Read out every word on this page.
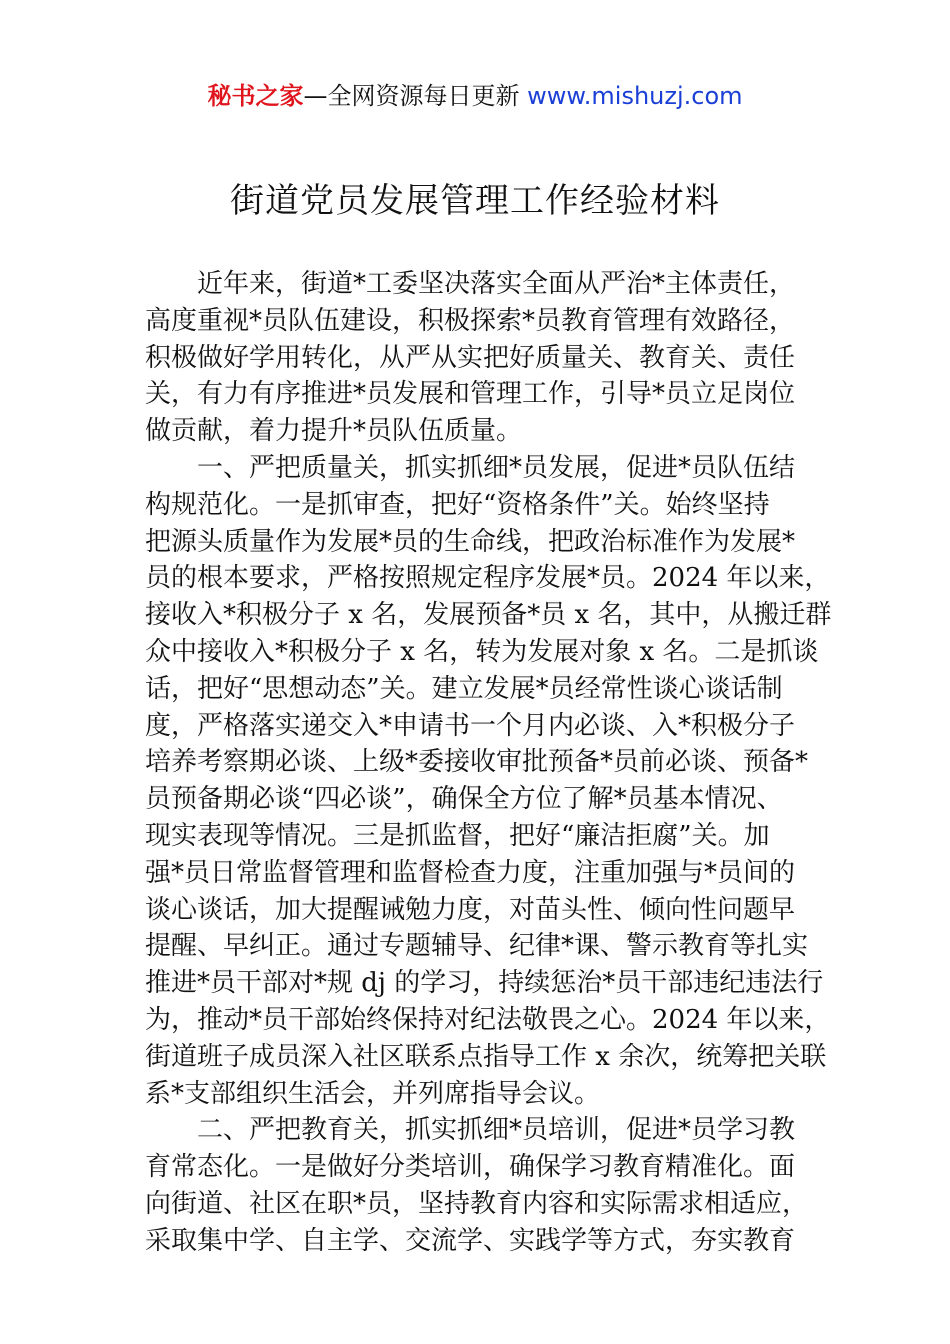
秘书之家—全网资源每日更新 www.mishuzj.com
街道党员发展管理工作经验材料
近年来，街道*工委坚决落实全面从严治*主体责任，
高度重视*员队伍建设，积极探索*员教育管理有效路径，
积极做好学用转化，从严从实把好质量关、教育关、责任
关，有力有序推进*员发展和管理工作，引导*员立足岗位
做贡献，着力提升*员队伍质量。
一、严把质量关，抓实抓细*员发展，促进*员队伍结
构规范化。一是抓审查，把好“资格条件”关。始终坚持
把源头质量作为发展*员的生命线，把政治标准作为发展*
员的根本要求，严格按照规定程序发展*员。2024 年以来，
接收入*积极分子 x 名，发展预备*员 x 名，其中，从搬迁群
众中接收入*积极分子 x 名，转为发展对象 x 名。二是抓谈
话，把好“思想动态”关。建立发展*员经常性谈心谈话制
度，严格落实递交入*申请书一个月内必谈、入*积极分子
培养考察期必谈、上级*委接收审批预备*员前必谈、预备*
员预备期必谈“四必谈”，确保全方位了解*员基本情况、
现实表现等情况。三是抓监督，把好“廉洁拒腐”关。加
强*员日常监督管理和监督检查力度，注重加强与*员间的
谈心谈话，加大提醒诫勉力度，对苗头性、倾向性问题早
提醒、早纠正。通过专题辅导、纪律*课、警示教育等扎实
推进*员干部对*规 dj 的学习，持续惩治*员干部违纪违法行
为，推动*员干部始终保持对纪法敬畏之心。2024 年以来，
街道班子成员深入社区联系点指导工作 x 余次，统筹把关联
系*支部组织生活会，并列席指导会议。
二、严把教育关，抓实抓细*员培训，促进*员学习教
育常态化。一是做好分类培训，确保学习教育精准化。面
向街道、社区在职*员，坚持教育内容和实际需求相适应，
采取集中学、自主学、交流学、实践学等方式，夯实教育
